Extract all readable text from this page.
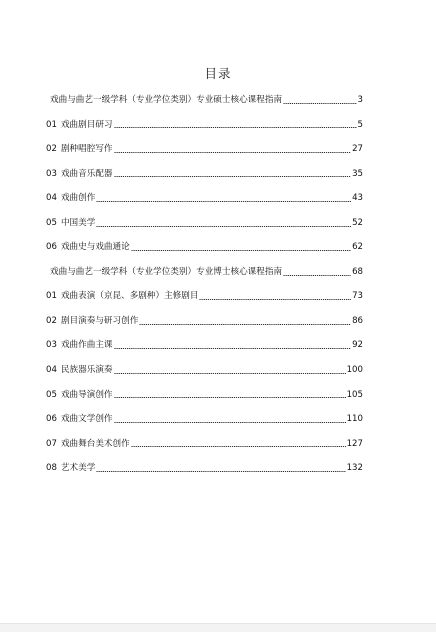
目录
戏曲与曲艺一级学科（专业学位类别）专业硕士核心课程指南	3
01 戏曲剧目研习	5
02 剧种唱腔写作	27
03 戏曲音乐配器	35
04 戏曲创作	43
05 中国美学	52
06 戏曲史与戏曲通论	62
戏曲与曲艺一级学科（专业学位类别）专业博士核心课程指南	68
01 戏曲表演（京昆、多剧种）主修剧目	73
02 剧目演奏与研习创作	86
03 戏曲作曲主课	92
04 民族器乐演奏	100
05 戏曲导演创作	105
06 戏曲文学创作	110
07 戏曲舞台美术创作	127
08 艺术美学	132
